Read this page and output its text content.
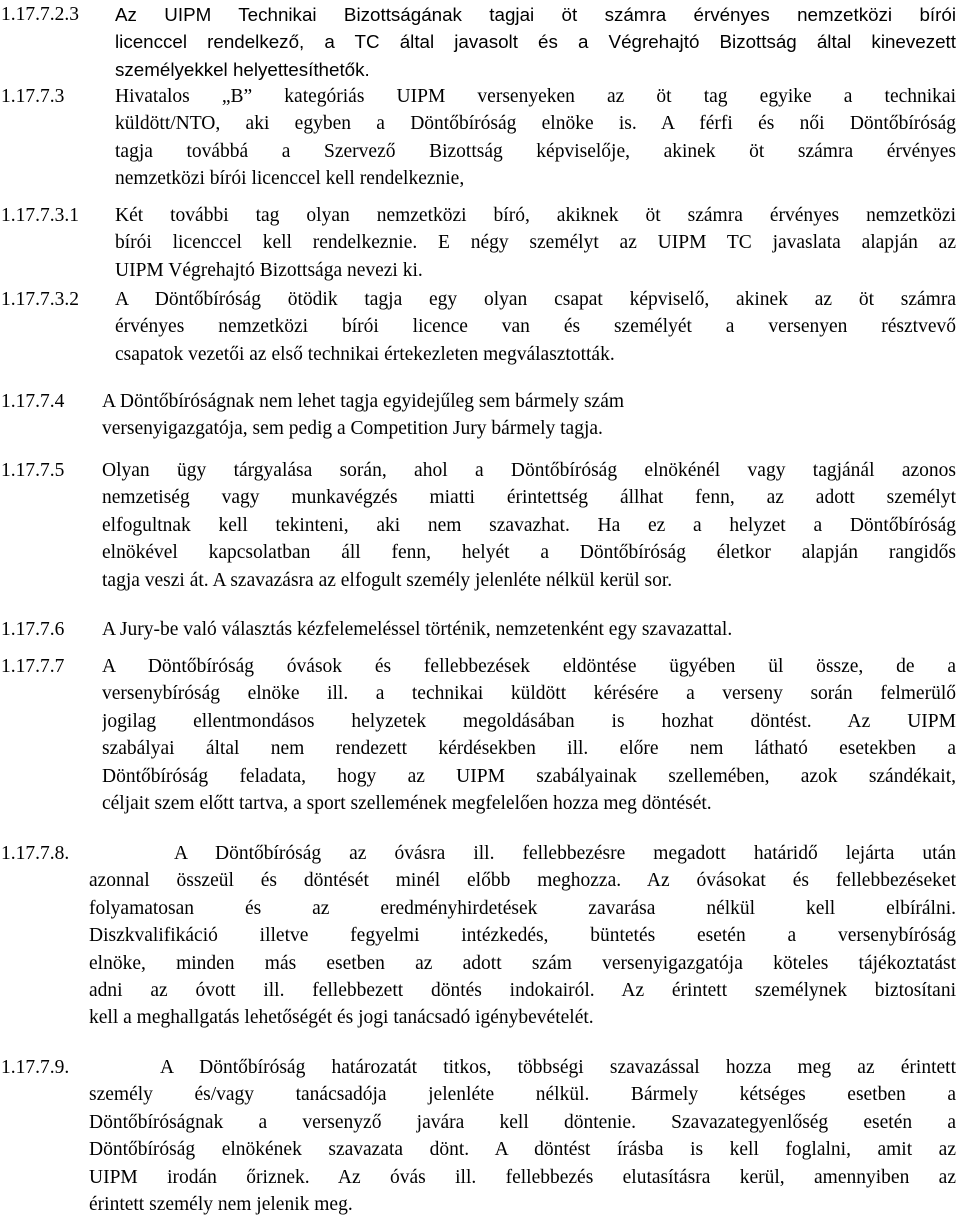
1.17.7.2.3 Az UIPM Technikai Bizottságának tagjai öt számra érvényes nemzetközi bírói
licenccel rendelkező, a TC által javasolt és a Végrehajtó Bizottság által kinevezett
személyekkel helyettesíthetők.
1.17.7.3	Hivatalos „B” kategóriás UIPM versenyeken az öt tag egyike a technikai
küldött/NTO, aki egyben a Döntőbíróság elnöke is. A férfi és női Döntőbíróság
tagja továbbá a Szervező Bizottság képviselője, akinek öt számra érvényes
nemzetközi bírói licenccel kell rendelkeznie,
1.17.7.3.1 Két további tag olyan nemzetközi bíró, akiknek öt számra érvényes nemzetközi
bírói licenccel kell rendelkeznie. E négy személyt az UIPM TC javaslata alapján az
UIPM Végrehajtó Bizottsága nevezi ki.
1.17.7.3.2 A Döntőbíróság ötödik tagja egy olyan csapat képviselő, akinek az öt számra
érvényes nemzetközi bírói licence van és személyét a versenyen résztvevő
csapatok vezetői az első technikai értekezleten megválasztották.
1.17.7.4 A Döntőbíróságnak nem lehet tagja egyidejűleg sem bármely szám
versenyigazgatója, sem pedig a Competition Jury bármely tagja.
1.17.7.5 Olyan ügy tárgyalása során, ahol a Döntőbíróság elnökénél vagy tagjánál azonos
nemzetiség vagy munkavégzés miatti érintettség állhat fenn, az adott személyt
elfogultnak kell tekinteni, aki nem szavazhat. Ha ez a helyzet a Döntőbíróság
elnökével kapcsolatban áll fenn, helyét a Döntőbíróság életkor alapján rangidős
tagja veszi át. A szavazásra az elfogult személy jelenléte nélkül kerül sor.
1.17.7.6 A Jury-be való választás kézfelemeléssel történik, nemzetenként egy szavazattal.
1.17.7.7 A Döntőbíróság óvások és fellebbezések eldöntése ügyében ül össze, de a
versenybíróság elnöke ill. a technikai küldött kérésére a verseny során felmerülő
jogilag ellentmondásos helyzetek megoldásában is hozhat döntést. Az UIPM
szabályai által nem rendezett kérdésekben ill. előre nem látható esetekben a
Döntőbíróság feladata, hogy az UIPM szabályainak szellemében, azok szándékait,
céljait szem előtt tartva, a sport szellemének megfelelően hozza meg döntését.
1.17.7.8.	A Döntőbíróság az óvásra ill. fellebbezésre megadott határidő lejárta után
azonnal összeül és döntését minél előbb meghozza. Az óvásokat és fellebbezéseket
folyamatosan és az eredményhirdetések zavarása nélkül kell elbírálni.
Diszkvalifikáció illetve fegyelmi intézkedés, büntetés esetén a versenybíróság
elnöke, minden más esetben az adott szám versenyigazgatója köteles tájékoztatást
adni az óvott ill. fellebbezett döntés indokairól. Az érintett személynek biztosítani
kell a meghallgatás lehetőségét és jogi tanácsadó igénybevételét.
1.17.7.9.	A Döntőbíróság határozatát titkos, többségi szavazással hozza meg az érintett
személy és/vagy tanácsadója jelenléte nélkül. Bármely kétséges esetben a
Döntőbíróságnak a versenyző javára kell döntenie. Szavazategyenlőség esetén a
Döntőbíróság elnökének szavazata dönt. A döntést írásba is kell foglalni, amit az
UIPM irodán őriznek. Az óvás ill. fellebbezés elutasításra kerül, amennyiben az
érintett személy nem jelenik meg.
